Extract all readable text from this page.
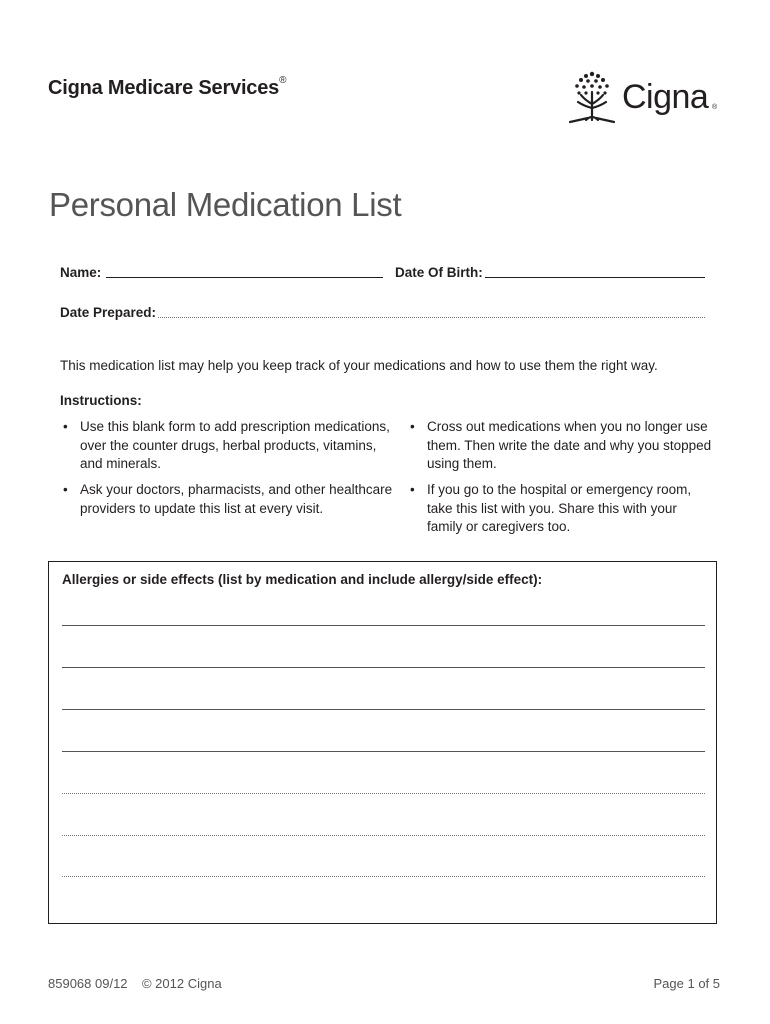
Cigna Medicare Services®	Cigna ®
Personal Medication List
Name:	Date Of Birth:
Date Prepared:
This medication list may help you keep track of your medications and how to use them the right way.
Instructions:
• Use this blank form to add prescription medications, over the counter drugs, herbal products, vitamins, and minerals.
• Ask your doctors, pharmacists, and other healthcare providers to update this list at every visit.
• Cross out medications when you no longer use them. Then write the date and why you stopped using them.
• If you go to the hospital or emergency room, take this list with you. Share this with your family or caregivers too.
Allergies or side effects (list by medication and include allergy/side effect):
859068 09/12 © 2012 Cigna	Page 1 of 5
